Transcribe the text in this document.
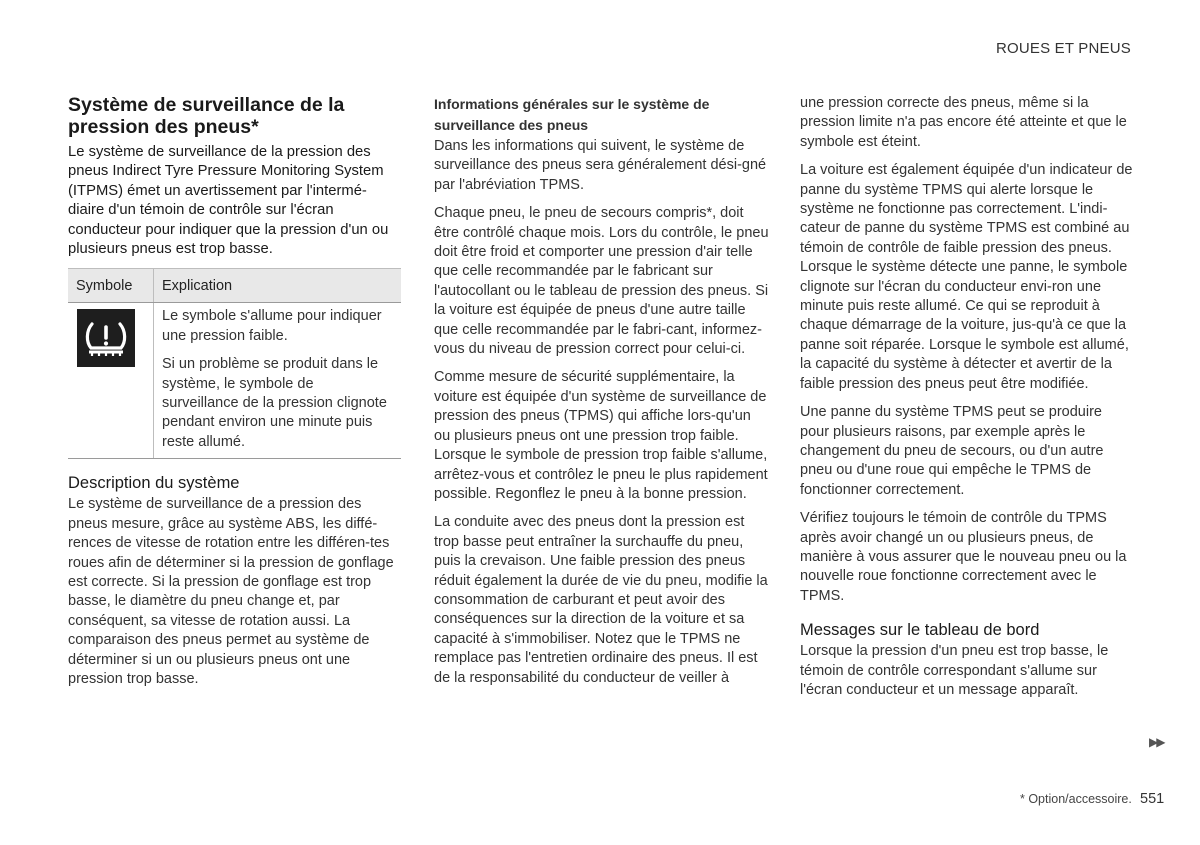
ROUES ET PNEUS
Système de surveillance de la pression des pneus*

Le système de surveillance de la pression des pneus Indirect Tyre Pressure Monitoring System (ITPMS) émet un avertissement par l'intermé-diaire d'un témoin de contrôle sur l'écran conducteur pour indiquer que la pression d'un ou plusieurs pneus est trop basse.

Symbole	Explication

Le symbole s'allume pour indiquer une pression faible.

Si un problème se produit dans le système, le symbole de surveillance de la pression clignote pendant environ une minute puis reste allumé.

Description du système

Le système de surveillance de a pression des pneus mesure, grâce au système ABS, les diffé-rences de vitesse de rotation entre les différen-tes roues afin de déterminer si la pression de gonflage est correcte. Si la pression de gonflage est trop basse, le diamètre du pneu change et, par conséquent, sa vitesse de rotation aussi. La comparaison des pneus permet au système de déterminer si un ou plusieurs pneus ont une pression trop basse.

Informations générales sur le système de surveillance des pneus

Dans les informations qui suivent, le système de surveillance des pneus sera généralement dési-gné par l'abréviation TPMS.

Chaque pneu, le pneu de secours compris*, doit être contrôlé chaque mois. Lors du contrôle, le pneu doit être froid et comporter une pression d'air telle que celle recommandée par le fabricant sur l'autocollant ou le tableau de pression des pneus. Si la voiture est équipée de pneus d'une autre taille que celle recommandée par le fabri-cant, informez-vous du niveau de pression correct pour celui-ci.

Comme mesure de sécurité supplémentaire, la voiture est équipée d'un système de surveillance de pression des pneus (TPMS) qui affiche lors-qu'un ou plusieurs pneus ont une pression trop faible. Lorsque le symbole de pression trop faible s'allume, arrêtez-vous et contrôlez le pneu le plus rapidement possible. Regonflez le pneu à la bonne pression.

La conduite avec des pneus dont la pression est trop basse peut entraîner la surchauffe du pneu, puis la crevaison. Une faible pression des pneus réduit également la durée de vie du pneu, modifie la consommation de carburant et peut avoir des conséquences sur la direction de la voiture et sa capacité à s'immobiliser. Notez que le TPMS ne remplace pas l'entretien ordinaire des pneus. Il est de la responsabilité du conducteur de veiller à

une pression correcte des pneus, même si la pression limite n'a pas encore été atteinte et que le symbole est éteint.

La voiture est également équipée d'un indicateur de panne du système TPMS qui alerte lorsque le système ne fonctionne pas correctement. L'indi-cateur de panne du système TPMS est combiné au témoin de contrôle de faible pression des pneus. Lorsque le système détecte une panne, le symbole clignote sur l'écran du conducteur envi-ron une minute puis reste allumé. Ce qui se reproduit à chaque démarrage de la voiture, jus-qu'à ce que la panne soit réparée. Lorsque le symbole est allumé, la capacité du système à détecter et avertir de la faible pression des pneus peut être modifiée.

Une panne du système TPMS peut se produire pour plusieurs raisons, par exemple après le changement du pneu de secours, ou d'un autre pneu ou d'une roue qui empêche le TPMS de fonctionner correctement.

Vérifiez toujours le témoin de contrôle du TPMS après avoir changé un ou plusieurs pneus, de manière à vous assurer que le nouveau pneu ou la nouvelle roue fonctionne correctement avec le TPMS.

Messages sur le tableau de bord

Lorsque la pression d'un pneu est trop basse, le témoin de contrôle correspondant s'allume sur l'écran conducteur et un message apparaît.

▶▶
* Option/accessoire. 551
